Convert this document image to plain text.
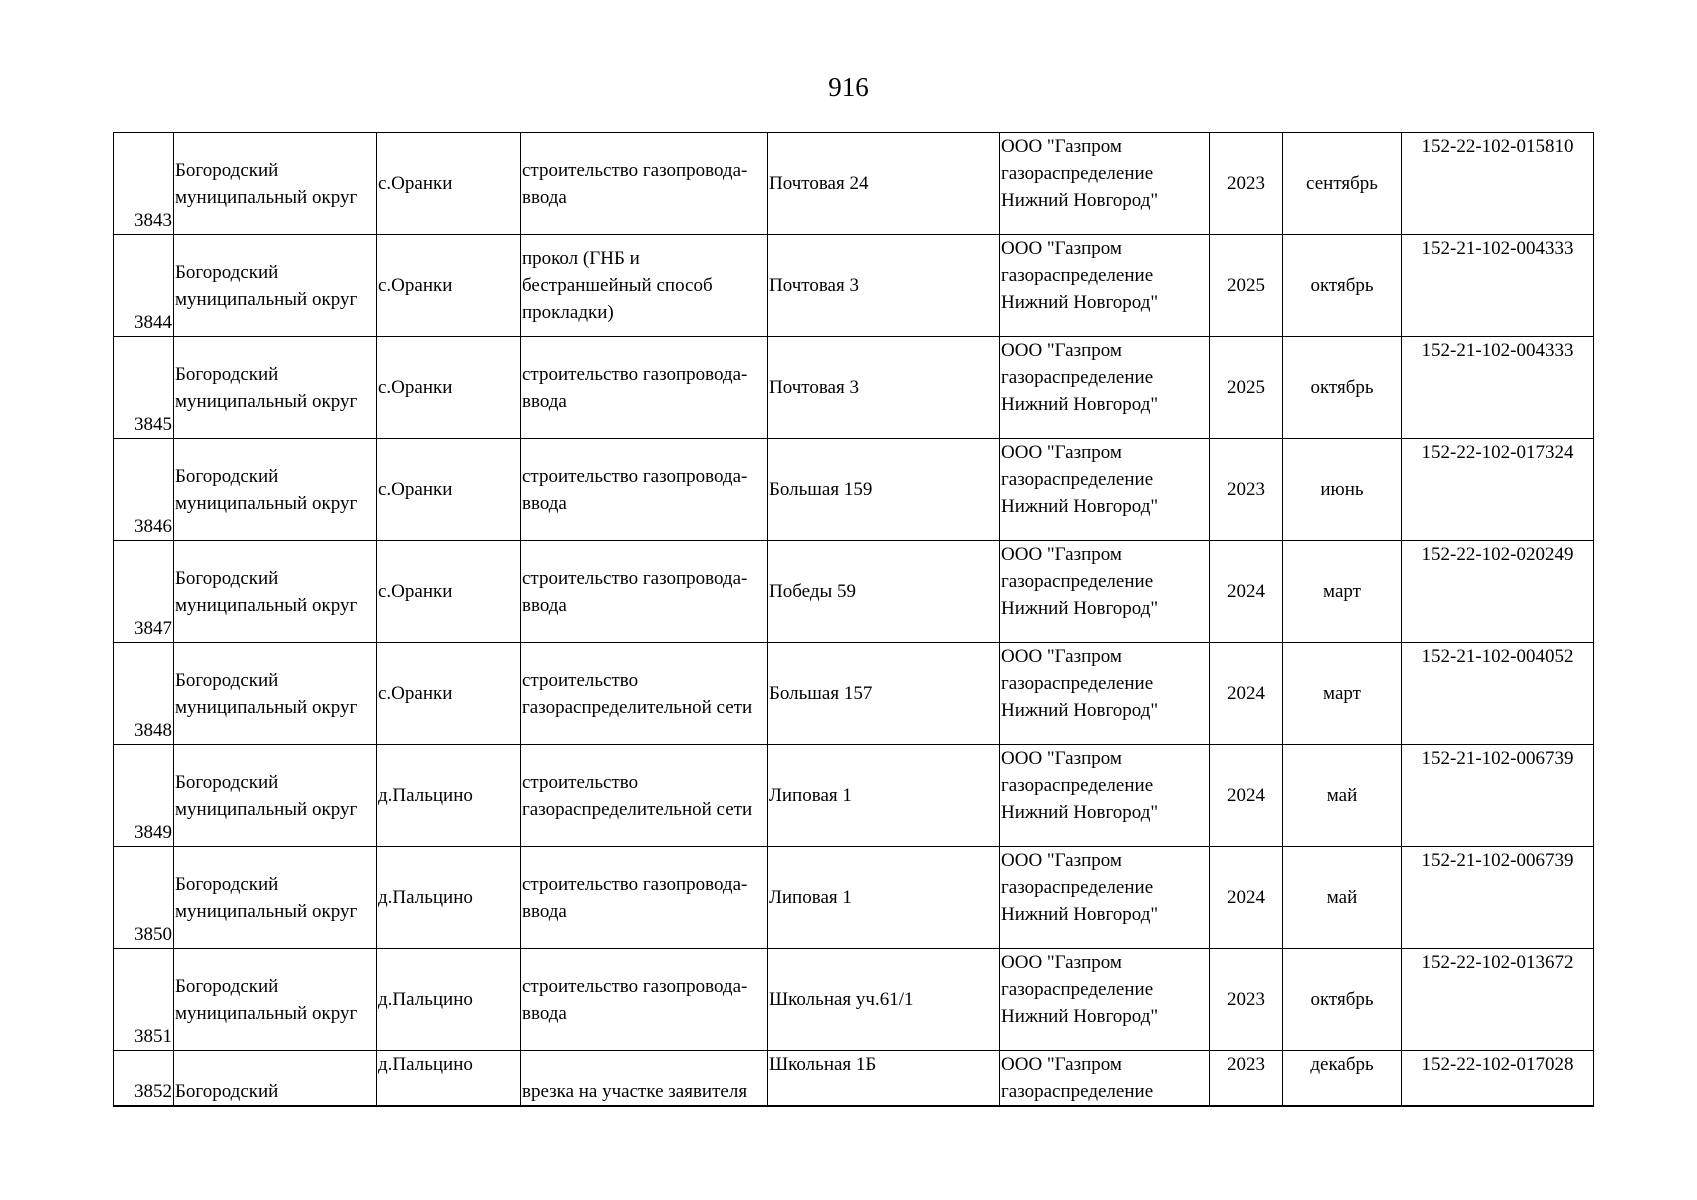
916
3843	Богородский
муниципальный округ	с.Оранки	строительство газопровода-
ввода	Почтовая 24	ООО "Газпром
газораспределение
Нижний Новгород"	2023	сентябрь	152-22-102-015810
3844	Богородский
муниципальный округ	с.Оранки	прокол (ГНБ и
бестраншейный способ
прокладки)	Почтовая 3	ООО "Газпром
газораспределение
Нижний Новгород"	2025	октябрь	152-21-102-004333
3845	Богородский
муниципальный округ	с.Оранки	строительство газопровода-
ввода	Почтовая 3	ООО "Газпром
газораспределение
Нижний Новгород"	2025	октябрь	152-21-102-004333
3846	Богородский
муниципальный округ	с.Оранки	строительство газопровода-
ввода	Большая 159	ООО "Газпром
газораспределение
Нижний Новгород"	2023	июнь	152-22-102-017324
3847	Богородский
муниципальный округ	с.Оранки	строительство газопровода-
ввода	Победы 59	ООО "Газпром
газораспределение
Нижний Новгород"	2024	март	152-22-102-020249
3848	Богородский
муниципальный округ	с.Оранки	строительство
газораспределительной сети	Большая 157	ООО "Газпром
газораспределение
Нижний Новгород"	2024	март	152-21-102-004052
3849	Богородский
муниципальный округ	д.Пальцино	строительство
газораспределительной сети	Липовая 1	ООО "Газпром
газораспределение
Нижний Новгород"	2024	май	152-21-102-006739
3850	Богородский
муниципальный округ	д.Пальцино	строительство газопровода-
ввода	Липовая 1	ООО "Газпром
газораспределение
Нижний Новгород"	2024	май	152-21-102-006739
3851	Богородский
муниципальный округ	д.Пальцино	строительство газопровода-
ввода	Школьная уч.61/1	ООО "Газпром
газораспределение
Нижний Новгород"	2023	октябрь	152-22-102-013672
3852	Богородский	д.Пальцино	врезка на участке заявителя	Школьная 1Б	ООО "Газпром
газораспределение	2023	декабрь	152-22-102-017028
